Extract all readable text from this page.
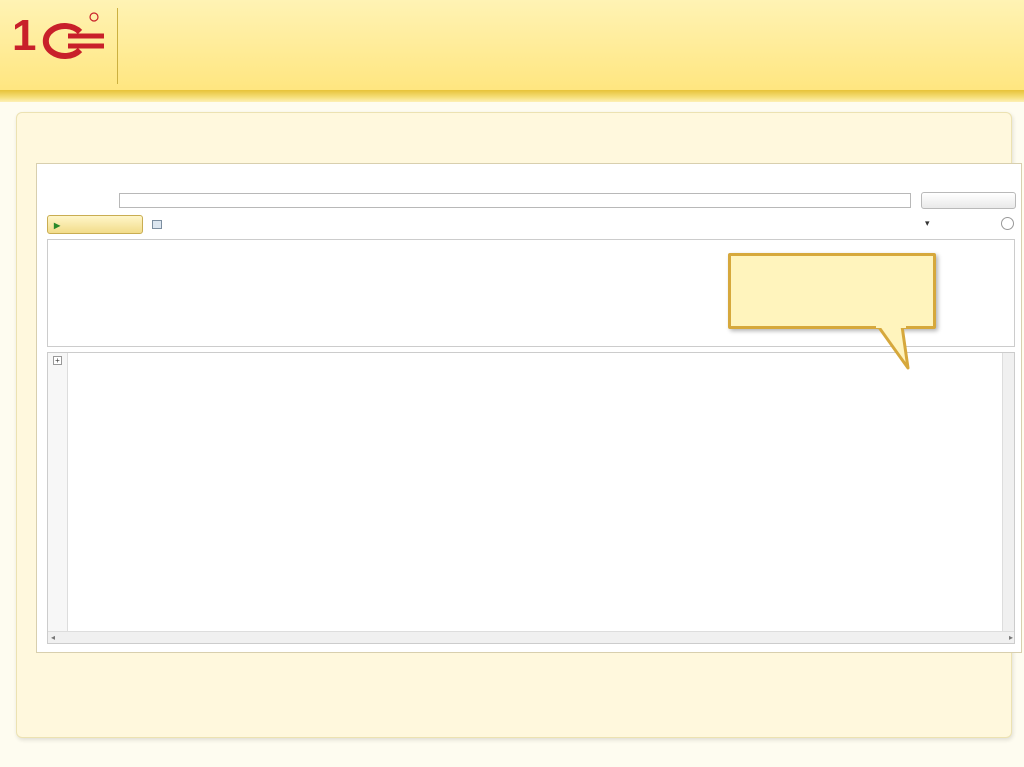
1
▶	▾
+
◂	▸
